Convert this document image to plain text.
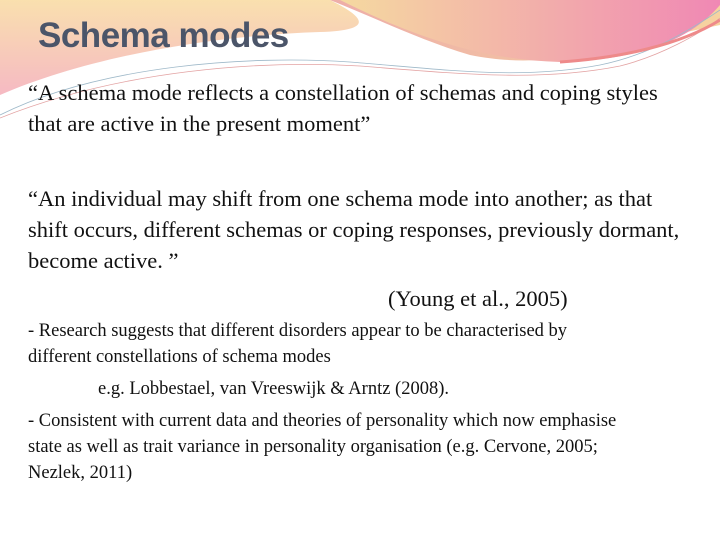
Schema modes

“A schema mode reflects a constellation of schemas and coping styles that are active in the present moment”

“An individual may shift from one schema mode into another; as that shift occurs, different schemas or coping responses, previously dormant, become active. ”

(Young et al., 2005)

- Research suggests that different disorders appear to be characterised by different constellations of schema modes

e.g. Lobbestael, van Vreeswijk & Arntz (2008).

- Consistent with current data and theories of personality which now emphasise state as well as trait variance in personality organisation (e.g. Cervone, 2005; Nezlek, 2011)
